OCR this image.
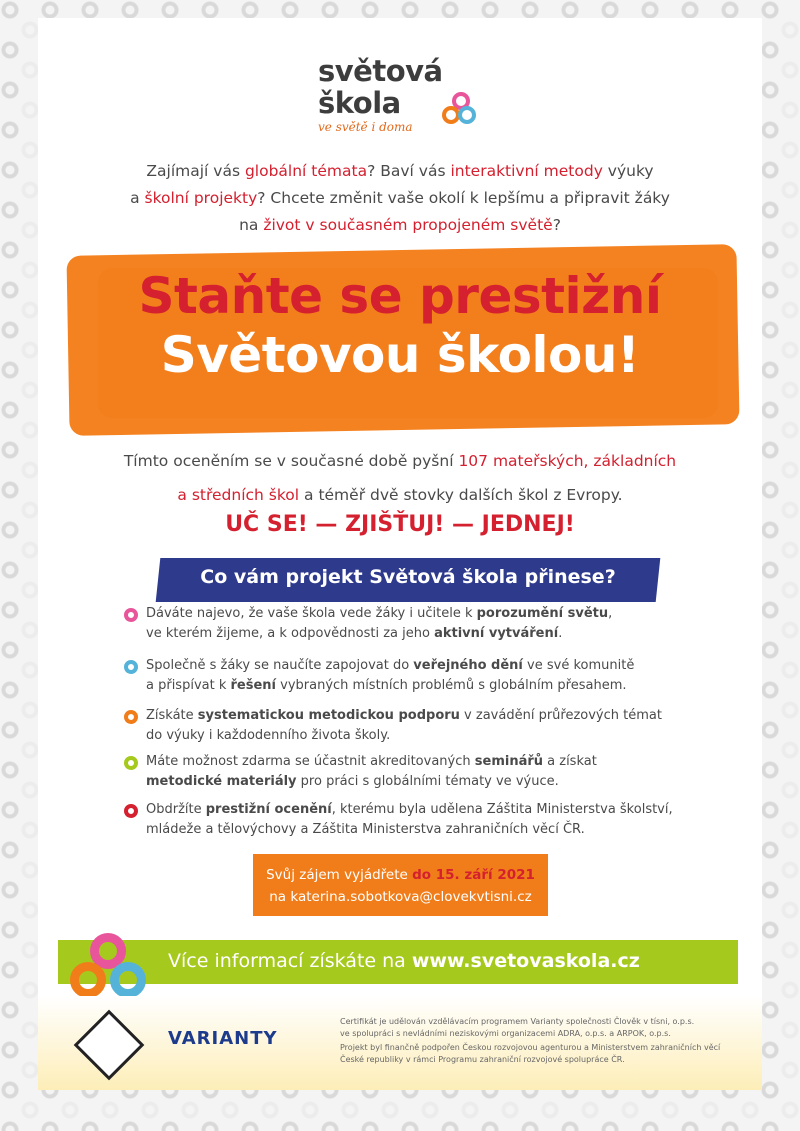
světová
škola
ve světě i doma
Zajímají vás globální témata? Baví vás interaktivní metody výuky
a školní projekty? Chcete změnit vaše okolí k lepšímu a připravit žáky
na život v současném propojeném světě?
Staňte se prestižní
Světovou školou!
Tímto oceněním se v současné době pyšní 107 mateřských, základních
a středních škol a téměř dvě stovky dalších škol z Evropy.
UČ SE! — ZJIŠŤUJ! — JEDNEJ!
Co vám projekt Světová škola přinese?
Dáváte najevo, že vaše škola vede žáky i učitele k porozumění světu,
ve kterém žijeme, a k odpovědnosti za jeho aktivní vytváření.
Společně s žáky se naučíte zapojovat do veřejného dění ve své komunitě
a přispívat k řešení vybraných místních problémů s globálním přesahem.
Získáte systematickou metodickou podporu v zavádění průřezových témat
do výuky i každodenního života školy.
Máte možnost zdarma se účastnit akreditovaných seminářů a získat
metodické materiály pro práci s globálními tématy ve výuce.
Obdržíte prestižní ocenění, kterému byla udělena Záštita Ministerstva školství,
mládeže a tělovýchovy a Záštita Ministerstva zahraničních věcí ČR.
Svůj zájem vyjádřete do 15. září 2021
na katerina.sobotkova@clovekvtisni.cz
Více informací získáte na www.svetovaskola.cz
VARIANTY
Certifikát je udělován vzdělávacím programem Varianty společnosti Člověk v tísni, o.p.s.
ve spolupráci s nevládními neziskovými organizacemi ADRA, o.p.s. a ARPOK, o.p.s.
Projekt byl finančně podpořen Českou rozvojovou agenturou a Ministerstvem zahraničních věcí
České republiky v rámci Programu zahraniční rozvojové spolupráce ČR.
